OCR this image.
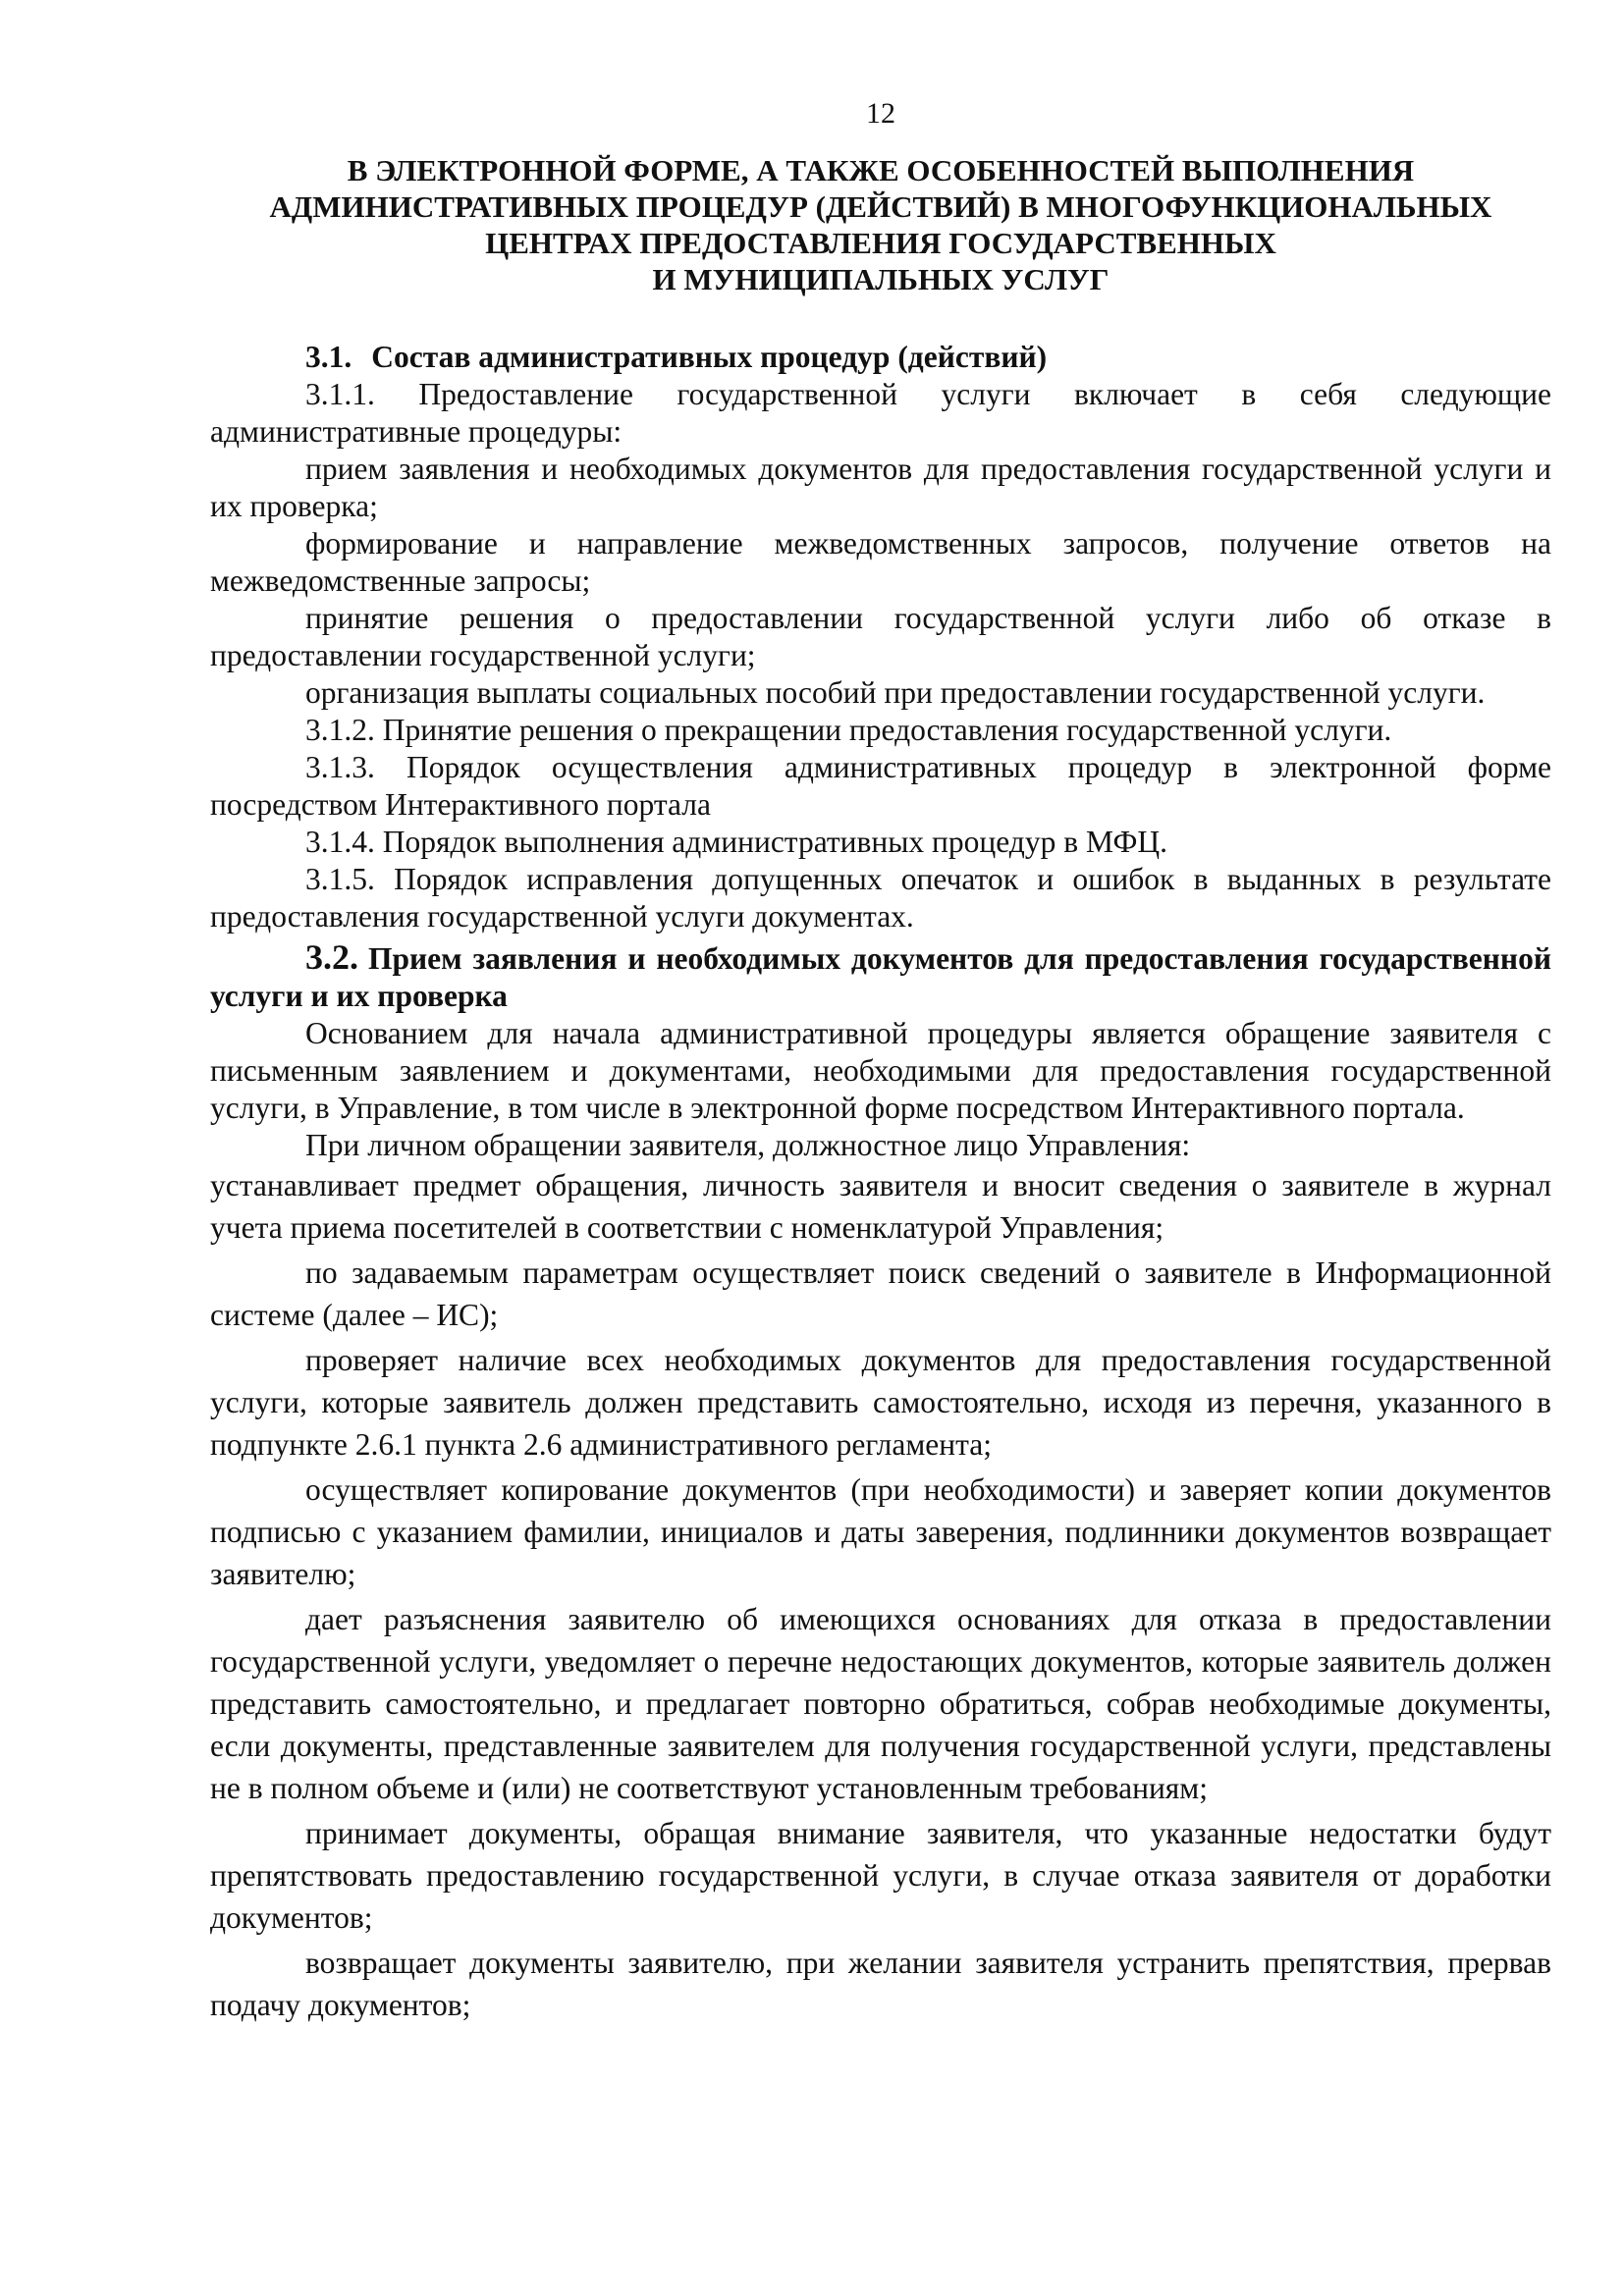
12
В ЭЛЕКТРОННОЙ ФОРМЕ, А ТАКЖЕ ОСОБЕННОСТЕЙ ВЫПОЛНЕНИЯ
АДМИНИСТРАТИВНЫХ ПРОЦЕДУР (ДЕЙСТВИЙ) В МНОГОФУНКЦИОНАЛЬНЫХ
ЦЕНТРАХ ПРЕДОСТАВЛЕНИЯ ГОСУДАРСТВЕННЫХ
И МУНИЦИПАЛЬНЫХ УСЛУГ

3.1. Состав административных процедур (действий)

3.1.1. Предоставление государственной услуги включает в себя следующие административные процедуры:

прием заявления и необходимых документов для предоставления государственной услуги и их проверка;

формирование и направление межведомственных запросов, получение ответов на межведомственные запросы;

принятие решения о предоставлении государственной услуги либо об отказе в предоставлении государственной услуги;

организация выплаты социальных пособий при предоставлении государственной услуги.

3.1.2. Принятие решения о прекращении предоставления государственной услуги.

3.1.3. Порядок осуществления административных процедур в электронной форме посредством Интерактивного портала

3.1.4. Порядок выполнения административных процедур в МФЦ.

3.1.5. Порядок исправления допущенных опечаток и ошибок в выданных в результате предоставления государственной услуги документах.

3.2. Прием заявления и необходимых документов для предоставления государственной услуги и их проверка

Основанием для начала административной процедуры является обращение заявителя с письменным заявлением и документами, необходимыми для предоставления государственной услуги, в Управление, в том числе в электронной форме посредством Интерактивного портала.

При личном обращении заявителя, должностное лицо Управления:

устанавливает предмет обращения, личность заявителя и вносит сведения о заявителе в журнал учета приема посетителей в соответствии с номенклатурой Управления;

по задаваемым параметрам осуществляет поиск сведений о заявителе в Информационной системе (далее – ИС);

проверяет наличие всех необходимых документов для предоставления государственной услуги, которые заявитель должен представить самостоятельно, исходя из перечня, указанного в подпункте 2.6.1 пункта 2.6 административного регламента;

осуществляет копирование документов (при необходимости) и заверяет копии документов подписью с указанием фамилии, инициалов и даты заверения, подлинники документов возвращает заявителю;

дает разъяснения заявителю об имеющихся основаниях для отказа в предоставлении государственной услуги, уведомляет о перечне недостающих документов, которые заявитель должен представить самостоятельно, и предлагает повторно обратиться, собрав необходимые документы, если документы, представленные заявителем для получения государственной услуги, представлены не в полном объеме и (или) не соответствуют установленным требованиям;

принимает документы, обращая внимание заявителя, что указанные недостатки будут препятствовать предоставлению государственной услуги, в случае отказа заявителя от доработки документов;

возвращает документы заявителю, при желании заявителя устранить препятствия, прервав подачу документов;
